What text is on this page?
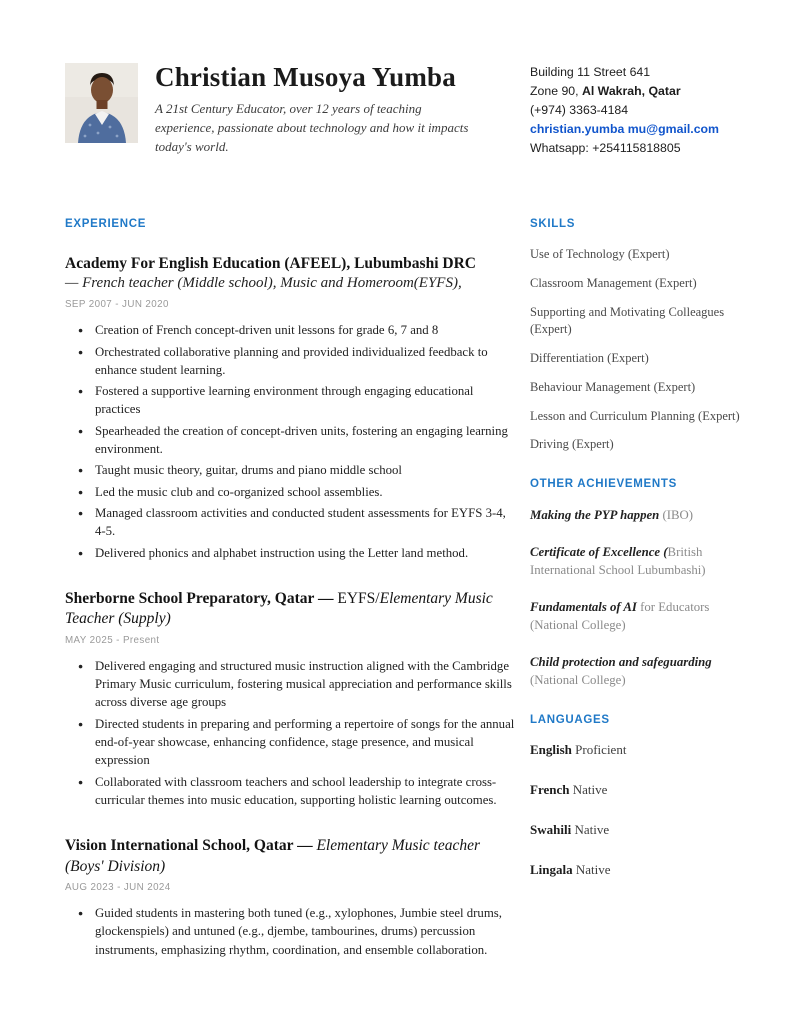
Christian Musoya Yumba

A 21st Century Educator, over 12 years of teaching experience, passionate about technology and how it impacts today's world.

Building 11 Street 641
Zone 90, Al Wakrah, Qatar
(+974) 3363-4184
christian.yumba mu@gmail.com
Whatsapp: +254115818805
EXPERIENCE
Academy For English Education (AFEEL), Lubumbashi DRC
— French teacher (Middle school), Music and Homeroom(EYFS),
SEP 2007 - JUN 2020
● Creation of French concept-driven unit lessons for grade 6, 7 and 8
● Orchestrated collaborative planning and provided individualized feedback to enhance student learning.
● Fostered a supportive learning environment through engaging educational practices
● Spearheaded the creation of concept-driven units, fostering an engaging learning environment.
● Taught music theory, guitar, drums and piano middle school
● Led the music club and co-organized school assemblies.
● Managed classroom activities and conducted student assessments for EYFS 3-4, 4-5.
● Delivered phonics and alphabet instruction using the Letter land method.
Sherborne School Preparatory, Qatar — EYFS/Elementary Music Teacher (Supply)
MAY 2025 - Present
● Delivered engaging and structured music instruction aligned with the Cambridge Primary Music curriculum, fostering musical appreciation and performance skills across diverse age groups
● Directed students in preparing and performing a repertoire of songs for the annual end-of-year showcase, enhancing confidence, stage presence, and musical expression
● Collaborated with classroom teachers and school leadership to integrate cross-curricular themes into music education, supporting holistic learning outcomes.
Vision International School, Qatar — Elementary Music teacher (Boys' Division)
AUG 2023 - JUN 2024
● Guided students in mastering both tuned (e.g., xylophones, Jumbie steel drums, glockenspiels) and untuned (e.g., djembe, tambourines, drums) percussion instruments, emphasizing rhythm, coordination, and ensemble collaboration.
SKILLS
Use of Technology (Expert)
Classroom Management (Expert)
Supporting and Motivating Colleagues (Expert)
Differentiation (Expert)
Behaviour Management (Expert)
Lesson and Curriculum Planning (Expert)
Driving (Expert)
OTHER ACHIEVEMENTS
Making the PYP happen (IBO)
Certificate of Excellence (British International School Lubumbashi)
Fundamentals of AI for Educators (National College)
Child protection and safeguarding (National College)
LANGUAGES
English Proficient
French Native
Swahili Native
Lingala Native
